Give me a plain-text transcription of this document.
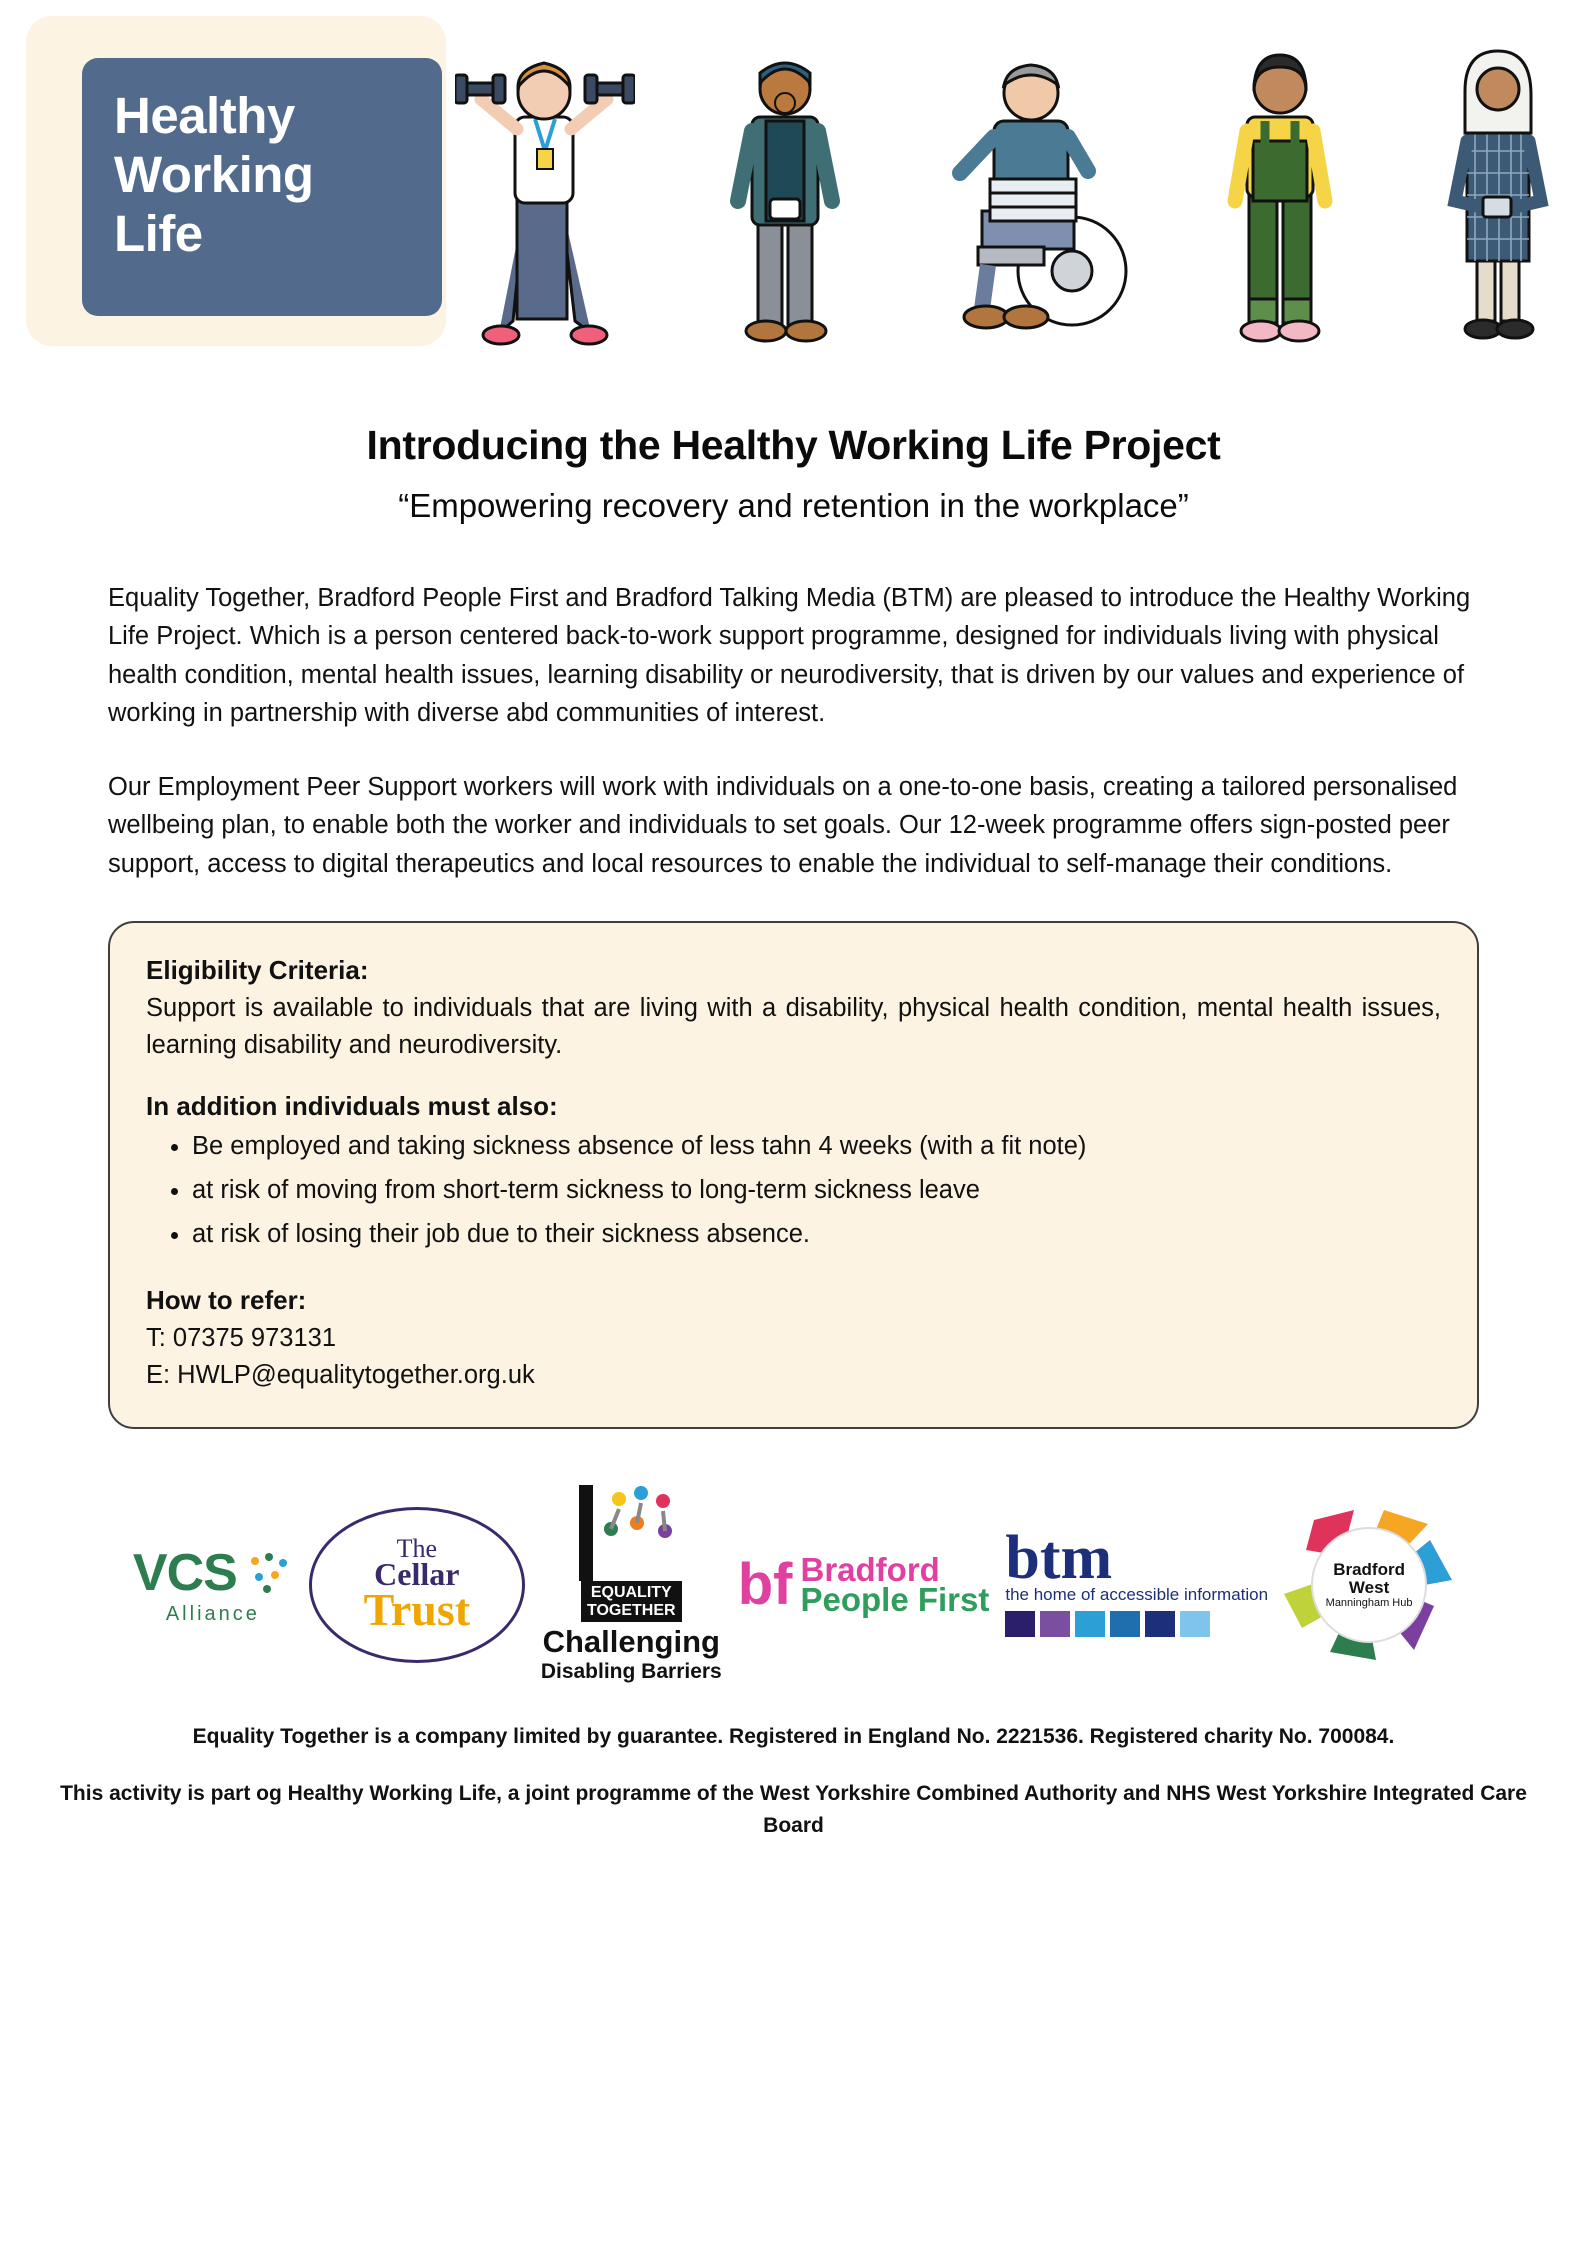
Healthy
Working
Life
Introducing the Healthy Working Life Project
“Empowering recovery and retention in the workplace”
Equality Together, Bradford People First and Bradford Talking Media (BTM) are pleased to introduce the Healthy Working Life Project. Which is a person centered back-to-work support programme, designed for individuals living with physical health condition, mental health issues, learning disability or neurodiversity, that is driven by our values and experience of working in partnership with diverse abd communities of interest.
Our Employment Peer Support workers will work with individuals on a one-to-one basis, creating a tailored personalised wellbeing plan, to enable both the worker and individuals to set goals. Our 12-week programme offers sign-posted peer support, access to digital therapeutics and local resources to enable the individual to self-manage their conditions.
Eligibility Criteria:

Support is available to individuals that are living with a disability, physical health condition, mental health issues, learning disability and neurodiversity.

In addition individuals must also:
• Be employed and taking sickness absence of less tahn 4 weeks (with a fit note)
• at risk of moving from short-term sickness to long-term sickness leave
• at risk of losing their job due to their sickness absence.
How to refer:
T: 07375 973131
E: HWLP@equalitytogether.org.uk
VCS
Alliance
The
Cellar
Trust	EQUALITY
TOGETHER
Challenging
Disabling Barriers
bf Bradford
People First
btm
the home of accessible information
Bradford
West
Manningham Hub
Equality Together is a company limited by guarantee. Registered in England No. 2221536. Registered charity No. 700084.
This activity is part og Healthy Working Life, a joint programme of the West Yorkshire Combined Authority and NHS West Yorkshire Integrated Care Board
